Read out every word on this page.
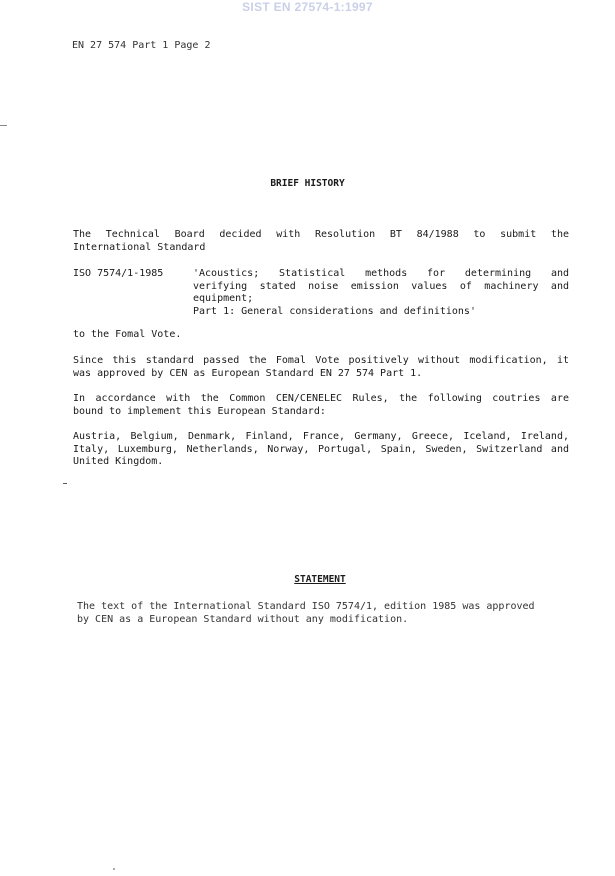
SIST EN 27574-1:1997
EN 27 574 Part 1 Page 2
BRIEF HISTORY
The Technical Board decided with Resolution BT 84/1988 to submit the
International Standard
ISO 7574/1-1985	'Acoustics; Statistical methods for determining and
verifying stated noise emission values of machinery and
equipment;
Part 1: General considerations and definitions'
to the Fomal Vote.
Since this standard passed the Fomal Vote positively without modification, it
was approved by CEN as European Standard EN 27 574 Part 1.
In accordance with the Common CEN/CENELEC Rules, the following coutries are
bound to implement this European Standard:
Austria, Belgium, Denmark, Finland, France, Germany, Greece, Iceland, Ireland,
Italy, Luxemburg, Netherlands, Norway, Portugal, Spain, Sweden, Switzerland and
United Kingdom.
STATEMENT
The text of the International Standard ISO 7574/1, edition 1985 was approved
by CEN as a European Standard without any modification.
